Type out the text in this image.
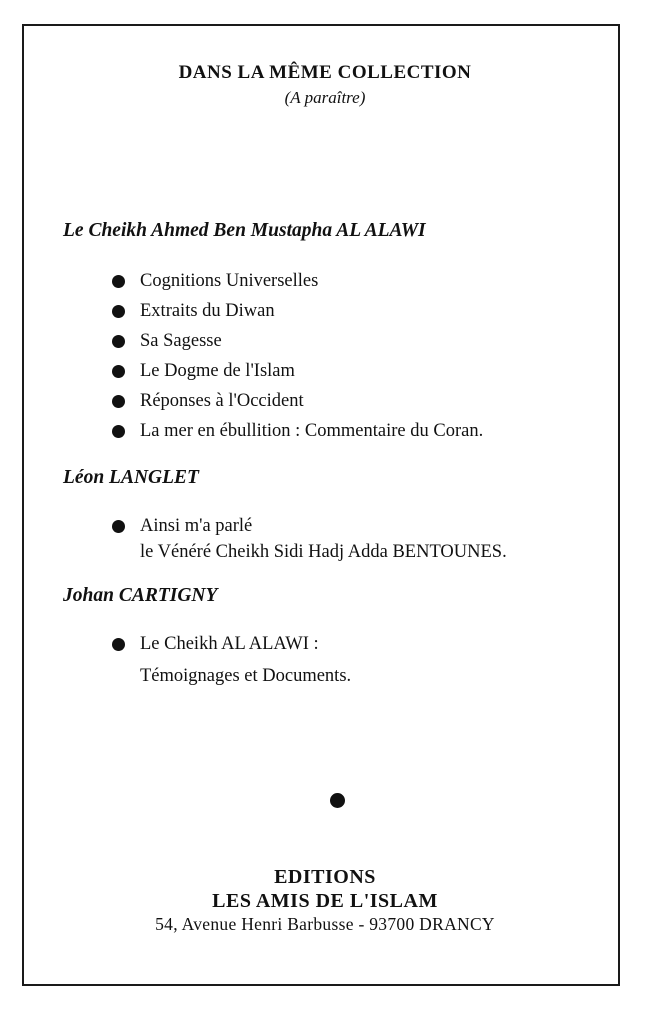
DANS LA MÊME COLLECTION
(A paraître)
Le Cheikh Ahmed Ben Mustapha AL ALAWI
Cognitions Universelles
Extraits du Diwan
Sa Sagesse
Le Dogme de l'Islam
Réponses à l'Occident
La mer en ébullition : Commentaire du Coran.
Léon LANGLET
Ainsi m'a parlé
le Vénéré Cheikh Sidi Hadj Adda BENTOUNES.
Johan CARTIGNY
Le Cheikh AL ALAWI :
Témoignages et Documents.
EDITIONS
LES AMIS DE L'ISLAM
54, Avenue Henri Barbusse - 93700 DRANCY
